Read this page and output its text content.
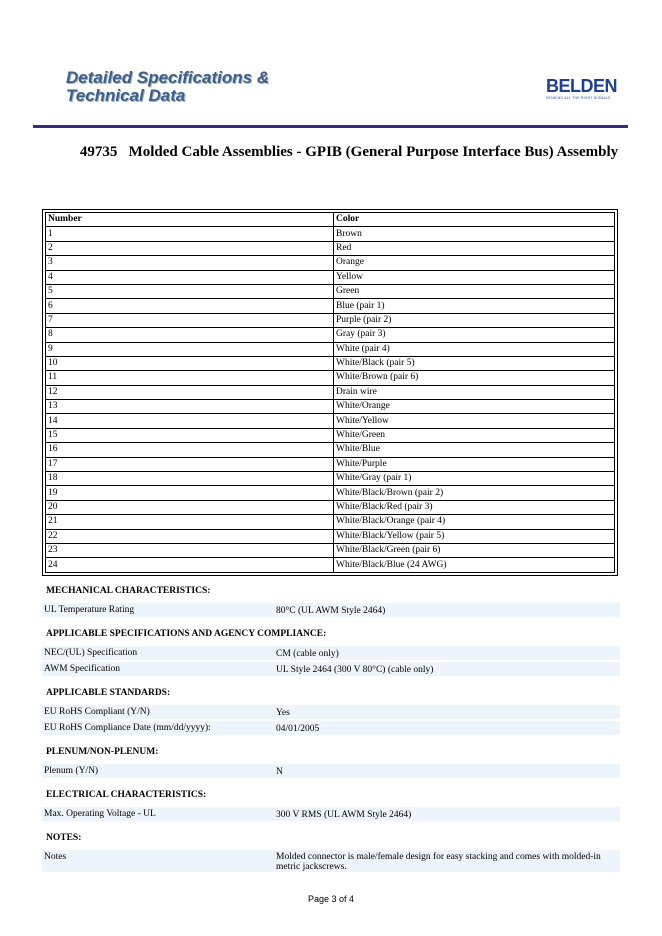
Detailed Specifications &
Technical Data	BELDEN
SENDING ALL THE RIGHT SIGNALS
49735 Molded Cable Assemblies - GPIB (General Purpose Interface Bus) Assembly
Number	Color
1	Brown
2	Red
3	Orange
4	Yellow
5	Green
6	Blue (pair 1)
7	Purple (pair 2)
8	Gray (pair 3)
9	White (pair 4)
10	White/Black (pair 5)
11	White/Brown (pair 6)
12	Drain wire
13	White/Orange
14	White/Yellow
15	White/Green
16	White/Blue
17	White/Purple
18	White/Gray (pair 1)
19	White/Black/Brown (pair 2)
20	White/Black/Red (pair 3)
21	White/Black/Orange (pair 4)
22	White/Black/Yellow (pair 5)
23	White/Black/Green (pair 6)
24	White/Black/Blue (24 AWG)
MECHANICAL CHARACTERISTICS:
UL Temperature Rating	80°C (UL AWM Style 2464)
APPLICABLE SPECIFICATIONS AND AGENCY COMPLIANCE:
NEC/(UL) Specification	CM (cable only)
AWM Specification	UL Style 2464 (300 V 80°C) (cable only)
APPLICABLE STANDARDS:
EU RoHS Compliant (Y/N)	Yes
EU RoHS Compliance Date (mm/dd/yyyy):	04/01/2005
PLENUM/NON-PLENUM:
Plenum (Y/N)	N
ELECTRICAL CHARACTERISTICS:
Max. Operating Voltage - UL	300 V RMS (UL AWM Style 2464)
NOTES:
Notes	Molded connector is male/female design for easy stacking and comes with molded-in metric jackscrews.
Page 3 of 4
